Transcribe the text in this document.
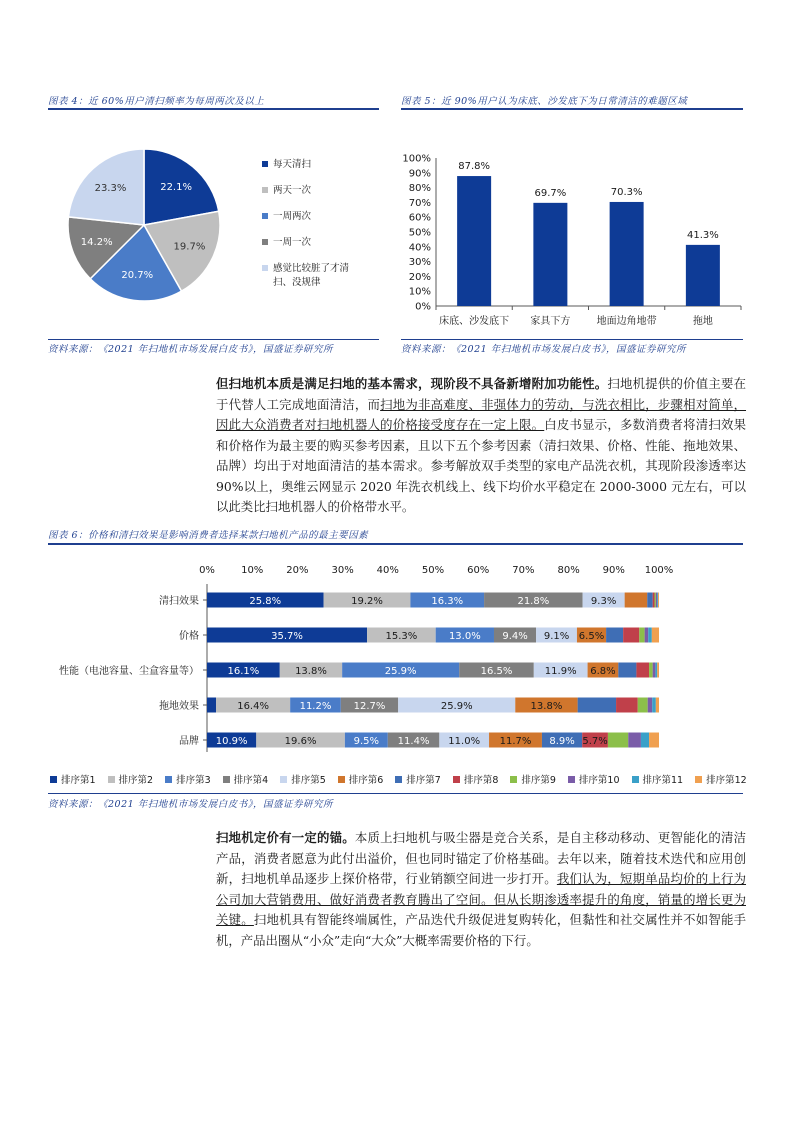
图表 4：近 60%用户清扫频率为每周两次及以上
22.1%
19.7%
20.7%
14.2%
23.3%
每天清扫
两天一次
一周两次
一周一次
感觉比较脏了才清
扫、没规律
资料来源：《2021 年扫地机市场发展白皮书》，国盛证券研究所
图表 5：近 90%用户认为床底、沙发底下为日常清洁的难题区域
0%
10%
20%
30%
40%
50%
60%
70%
80%
90%
100%
87.8%
床底、沙发底下
69.7%
家具下方
70.3%
地面边角地带
41.3%
拖地
资料来源：《2021 年扫地机市场发展白皮书》，国盛证券研究所
但扫地机本质是满足扫地的基本需求，现阶段不具备新增附加功能性。扫地机提供的价值主要在于代替人工完成地面清洁，而扫地为非高难度、非强体力的劳动，与洗衣相比，步骤相对简单，因此大众消费者对扫地机器人的价格接受度存在一定上限。白皮书显示，多数消费者将清扫效果和价格作为最主要的购买参考因素，且以下五个参考因素（清扫效果、价格、性能、拖地效果、品牌）均出于对地面清洁的基本需求。参考解放双手类型的家电产品洗衣机，其现阶段渗透率达 90%以上，奥维云网显示 2020 年洗衣机线上、线下均价水平稳定在 2000-3000 元左右，可以以此类比扫地机器人的价格带水平。
图表 6：价格和清扫效果是影响消费者选择某款扫地机产品的最主要因素
0%	10% 20% 30% 40% 50% 60% 70% 80% 90% 100%
清扫效果	25.8%	19.2%	16.3%	21.8%	9.3%
价格	35.7%	15.3%	13.0% 9.4% 9.1% 6.5%
性能（电池容量、尘盒容量等）	16.1%	13.8%	25.9%	16.5%	11.9% 6.8%
拖地效果	16.4%	11.2% 12.7%	25.9%	13.8%
品牌 10.9%	19.6%	9.5% 11.4% 11.0% 11.7% 8.9% 5.7%
排序第1 排序第2 排序第3 排序第4 排序第5 排序第6 排序第7 排序第8 排序第9 排序第10 排序第11 排序第12
资料来源：《2021 年扫地机市场发展白皮书》，国盛证券研究所
扫地机定价有一定的锚。本质上扫地机与吸尘器是竞合关系，是自主移动移动、更智能化的清洁产品，消费者愿意为此付出溢价，但也同时锚定了价格基础。去年以来，随着技术迭代和应用创新，扫地机单品逐步上探价格带，行业销额空间进一步打开。我们认为，短期单品均价的上行为公司加大营销费用、做好消费者教育腾出了空间。但从长期渗透率提升的角度，销量的增长更为关键。扫地机具有智能终端属性，产品迭代升级促进复购转化，但黏性和社交属性并不如智能手机，产品出圈从“小众”走向“大众”大概率需要价格的下行。
